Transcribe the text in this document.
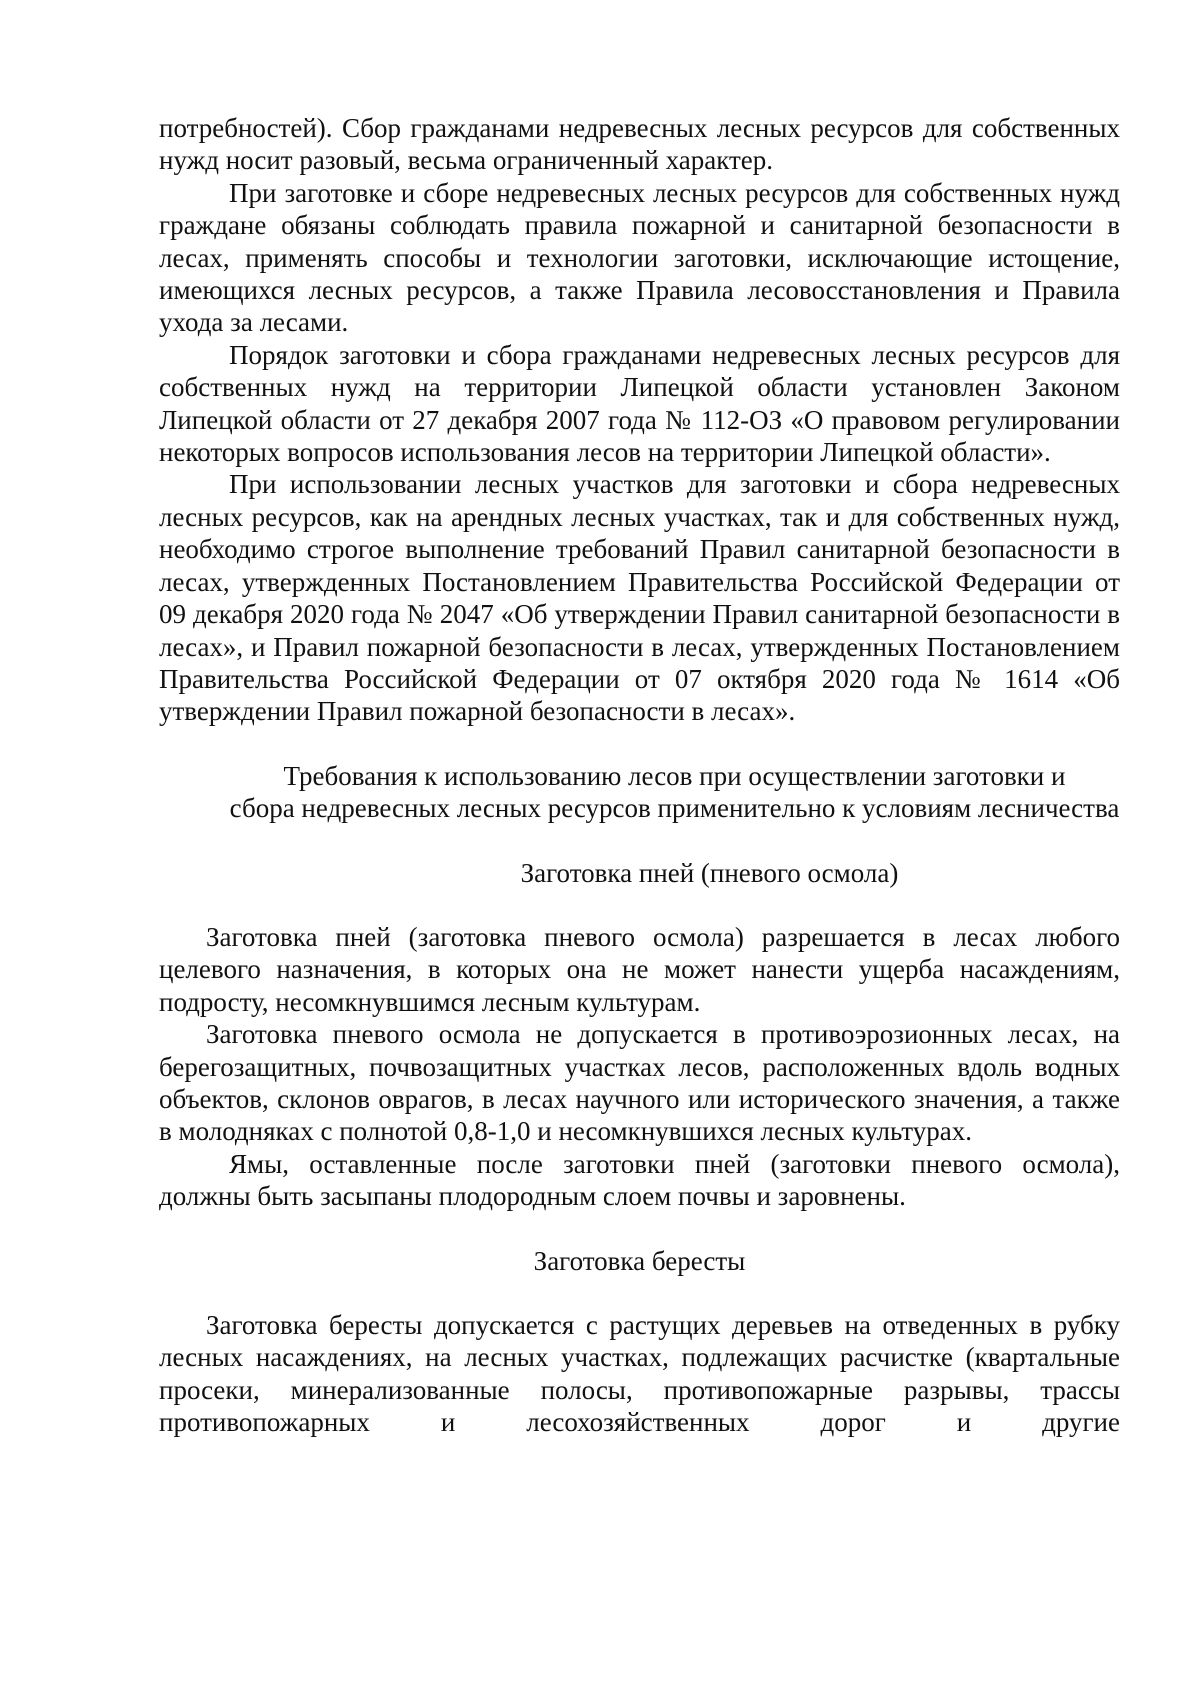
потребностей). Сбор гражданами недревесных лесных ресурсов для собственных нужд носит разовый, весьма ограниченный характер.

При заготовке и сборе недревесных лесных ресурсов для собственных нужд граждане обязаны соблюдать правила пожарной и санитарной безопасности в лесах, применять способы и технологии заготовки, исключающие истощение, имеющихся лесных ресурсов, а также Правила лесовосстановления и Правила ухода за лесами.

Порядок заготовки и сбора гражданами недревесных лесных ресурсов для собственных нужд на территории Липецкой области установлен Законом Липецкой области от 27 декабря 2007 года № 112-ОЗ «О правовом регулировании некоторых вопросов использования лесов на территории Липецкой области».

При использовании лесных участков для заготовки и сбора недревесных лесных ресурсов, как на арендных лесных участках, так и для собственных нужд, необходимо строгое выполнение требований Правил санитарной безопасности в лесах, утвержденных Постановлением Правительства Российской Федерации от 09 декабря 2020 года № 2047 «Об утверждении Правил санитарной безопасности в лесах», и Правил пожарной безопасности в лесах, утвержденных Постановлением Правительства Российской Федерации от 07 октября 2020 года № 1614 «Об утверждении Правил пожарной безопасности в лесах».

Требования к использованию лесов при осуществлении заготовки и
сбора недревесных лесных ресурсов применительно к условиям лесничества
Заготовка пней (пневого осмола)

Заготовка пней (заготовка пневого осмола) разрешается в лесах любого целевого назначения, в которых она не может нанести ущерба насаждениям, подросту, несомкнувшимся лесным культурам.

Заготовка пневого осмола не допускается в противоэрозионных лесах, на берегозащитных, почвозащитных участках лесов, расположенных вдоль водных объектов, склонов оврагов, в лесах научного или исторического значения, а также в молодняках с полнотой 0,8-1,0 и несомкнувшихся лесных культурах.

Ямы, оставленные после заготовки пней (заготовки пневого осмола), должны быть засыпаны плодородным слоем почвы и заровнены.

Заготовка бересты

Заготовка бересты допускается с растущих деревьев на отведенных в рубку лесных насаждениях, на лесных участках, подлежащих расчистке (квартальные просеки, минерализованные полосы, противопожарные разрывы, трассы противопожарных и лесохозяйственных дорог и другие
